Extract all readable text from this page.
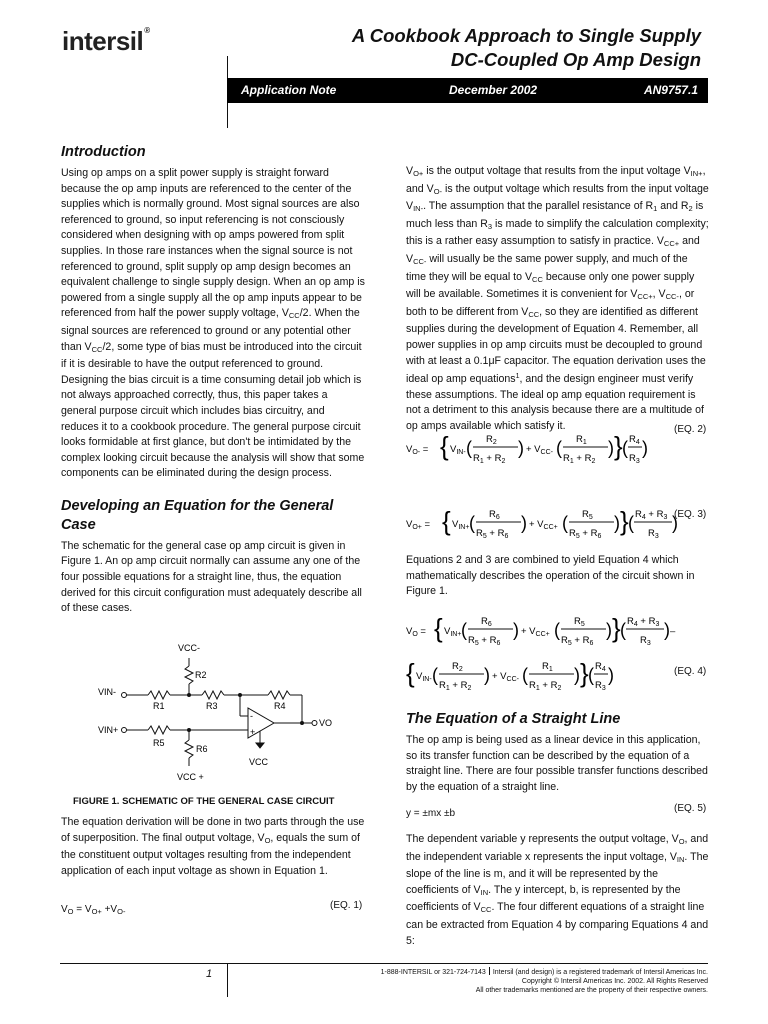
intersil®	A Cookbook Approach to Single Supply
DC-Coupled Op Amp Design
Application Note	December 2002	AN9757.1
Introduction

Using op amps on a split power supply is straight forward because the op amp inputs are referenced to the center of the supplies which is normally ground. Most signal sources are also referenced to ground, so input referencing is not consciously considered when designing with op amps powered from split supplies. In those rare instances when the signal source is not referenced to ground, split supply op amp design becomes an equivalent challenge to single supply design. When an op amp is powered from a single supply all the op amp inputs appear to be referenced from half the power supply voltage, $V_{CC}/2$. When the signal sources are referenced to ground or any potential other than $V_{CC}/2$, some type of bias must be introduced into the circuit if it is desirable to have the output referenced to ground. Designing the bias circuit is a time consuming detail job which is not always approached correctly, thus, this paper takes a general purpose circuit which includes bias circuitry, and reduces it to a cookbook procedure. The general purpose circuit looks formidable at first glance, but don't be intimidated by the complex looking circuit because the analysis will show that some components can be eliminated during the design process.

Developing an Equation for the General Case

The schematic for the general case op amp circuit is given in Figure 1. An op amp circuit normally can assume any one of the four possible equations for a straight line, thus, the equation derived for this circuit configuration must adequately describe all of these cases.

VCC-
R2
VIN-
R1	R3	R4
VIN+
R5
R6
VO
VCC
VCC +
-
+
FIGURE 1. SCHEMATIC OF THE GENERAL CASE CIRCUIT

The equation derivation will be done in two parts through the use of superposition. The final output voltage, $V_O$, equals the sum of the constituent output voltages resulting from the independent application of each input voltage as shown in Equation 1.

$V_O = V_{O+} +V_{O-}$
(EQ. 1)

$V_{O+}$ is the output voltage that results from the input voltage $V_{IN+}$, and $V_{O-}$ is the output voltage which results from the input voltage $V_{IN-}$. The assumption that the parallel resistance of $R_1$ and $R_2$ is much less than $R_3$ is made to simplify the calculation complexity; this is a rather easy assumption to satisfy in practice. $V_{CC+}$ and $V_{CC-}$ will usually be the same power supply, and much of the time they will be equal to $V_{CC}$ because only one power supply will be available. Sometimes it is convenient for $V_{CC+}$, $V_{CC-}$, or both to be different from $V_{CC}$, so they are identified as different supplies during the development of Equation 4. Remember, all power supplies in op amp circuits must be decoupled to ground with at least a 0.1μF capacitor. The equation derivation uses the ideal op amp equations$^1$, and the design engineer must verify these assumptions. The ideal op amp equation requirement is not a detriment to this analysis because there are a multitude of op amps available which satisfy it.

$V_{O-}$ = { $V_{IN-}$ ( $R_2$
$R_1 + R_2$
) + $V_{CC-}$ ( $R_1$
$R_1 + R_2$
) } ( $R_4$
$R_3$
)
(EQ. 2)
$V_{O+}$ = { $V_{IN+}$ ( $R_6$
$R_5 + R_6$
) + $V_{CC+}$ ( $R_5$
$R_5 + R_6$
) } ( $R_4 + R_3$
$R_3$
)
(EQ. 3)

Equations 2 and 3 are combined to yield Equation 4 which mathematically describes the operation of the circuit shown in Figure 1.

$V_O$ = { $V_{IN+}$ ( $R_6$
$R_5 + R_6$
) + $V_{CC+}$ ( $R_5$
$R_5 + R_6$
) } ( $R_4 + R_3$
$R_3$
) –
{ $V_{IN-}$ ( $R_2$
$R_1 + R_2$
) + $V_{CC-}$ ( $R_1$
$R_1 + R_2$
) } ( $R_4$
$R_3$
)	(EQ. 4)
The Equation of a Straight Line

The op amp is being used as a linear device in this application, so its transfer function can be described by the equation of a straight line. There are four possible transfer functions described by the equation of a straight line.

y = ±mx ±b	(EQ. 5)

The dependent variable y represents the output voltage, $V_O$, and the independent variable x represents the input voltage, $V_{IN}$. The slope of the line is m, and it will be represented by the coefficients of $V_{IN}$. The y intercept, b, is represented by the coefficients of $V_{CC}$. The four different equations of a straight line can be extracted from Equation 4 by comparing Equations 4 and 5:

1	1-888-INTERSIL or 321-724-7143 Intersil (and design) is a registered trademark of Intersil Americas Inc.
Copyright © Intersil Americas Inc. 2002. All Rights Reserved
All other trademarks mentioned are the property of their respective owners.
